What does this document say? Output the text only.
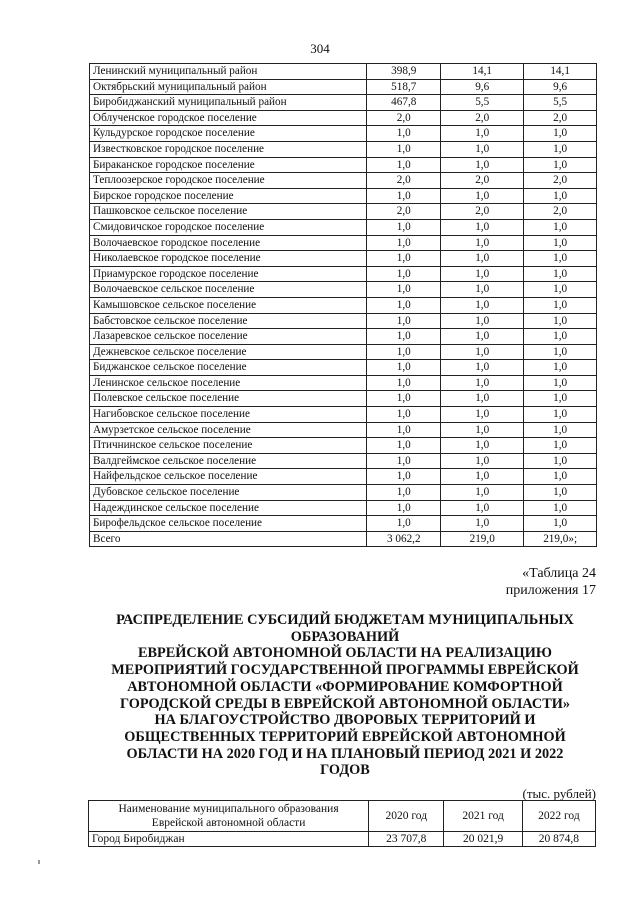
304
Ленинский муниципальный район	398,9	14,1	14,1
Октябрьский муниципальный район	518,7	9,6	9,6
Биробиджанский муниципальный район	467,8	5,5	5,5
Облученское городское поселение	2,0	2,0	2,0
Кульдурское городское поселение	1,0	1,0	1,0
Известковское городское поселение	1,0	1,0	1,0
Бираканское городское поселение	1,0	1,0	1,0
Теплоозерское городское поселение	2,0	2,0	2,0
Бирское городское поселение	1,0	1,0	1,0
Пашковское сельское поселение	2,0	2,0	2,0
Смидовичское городское поселение	1,0	1,0	1,0
Волочаевское городское поселение	1,0	1,0	1,0
Николаевское городское поселение	1,0	1,0	1,0
Приамурское городское поселение	1,0	1,0	1,0
Волочаевское сельское поселение	1,0	1,0	1,0
Камышовское сельское поселение	1,0	1,0	1,0
Бабстовское сельское поселение	1,0	1,0	1,0
Лазаревское сельское поселение	1,0	1,0	1,0
Дежневское сельское поселение	1,0	1,0	1,0
Биджанское сельское поселение	1,0	1,0	1,0
Ленинское сельское поселение	1,0	1,0	1,0
Полевское сельское поселение	1,0	1,0	1,0
Нагибовское сельское поселение	1,0	1,0	1,0
Амурзетское сельское поселение	1,0	1,0	1,0
Птичнинское сельское поселение	1,0	1,0	1,0
Валдгеймское сельское поселение	1,0	1,0	1,0
Найфельдское сельское поселение	1,0	1,0	1,0
Дубовское сельское поселение	1,0	1,0	1,0
Надеждинское сельское поселение	1,0	1,0	1,0
Бирофельдское сельское поселение	1,0	1,0	1,0
Всего	3 062,2	219,0	219,0»;
«Таблица 24
приложения 17
РАСПРЕДЕЛЕНИЕ СУБСИДИЙ БЮДЖЕТАМ МУНИЦИПАЛЬНЫХ
ОБРАЗОВАНИЙ
ЕВРЕЙСКОЙ АВТОНОМНОЙ ОБЛАСТИ НА РЕАЛИЗАЦИЮ
МЕРОПРИЯТИЙ ГОСУДАРСТВЕННОЙ ПРОГРАММЫ ЕВРЕЙСКОЙ
АВТОНОМНОЙ ОБЛАСТИ «ФОРМИРОВАНИЕ КОМФОРТНОЙ
ГОРОДСКОЙ СРЕДЫ В ЕВРЕЙСКОЙ АВТОНОМНОЙ ОБЛАСТИ»
НА БЛАГОУСТРОЙСТВО ДВОРОВЫХ ТЕРРИТОРИЙ И
ОБЩЕСТВЕННЫХ ТЕРРИТОРИЙ ЕВРЕЙСКОЙ АВТОНОМНОЙ
ОБЛАСТИ НА 2020 ГОД И НА ПЛАНОВЫЙ ПЕРИОД 2021 И 2022
ГОДОВ
(тыс. рублей)
Наименование муниципального образования
Еврейской автономной области	2020 год	2021 год	2022 год
Город Биробиджан	23 707,8	20 021,9	20 874,8
